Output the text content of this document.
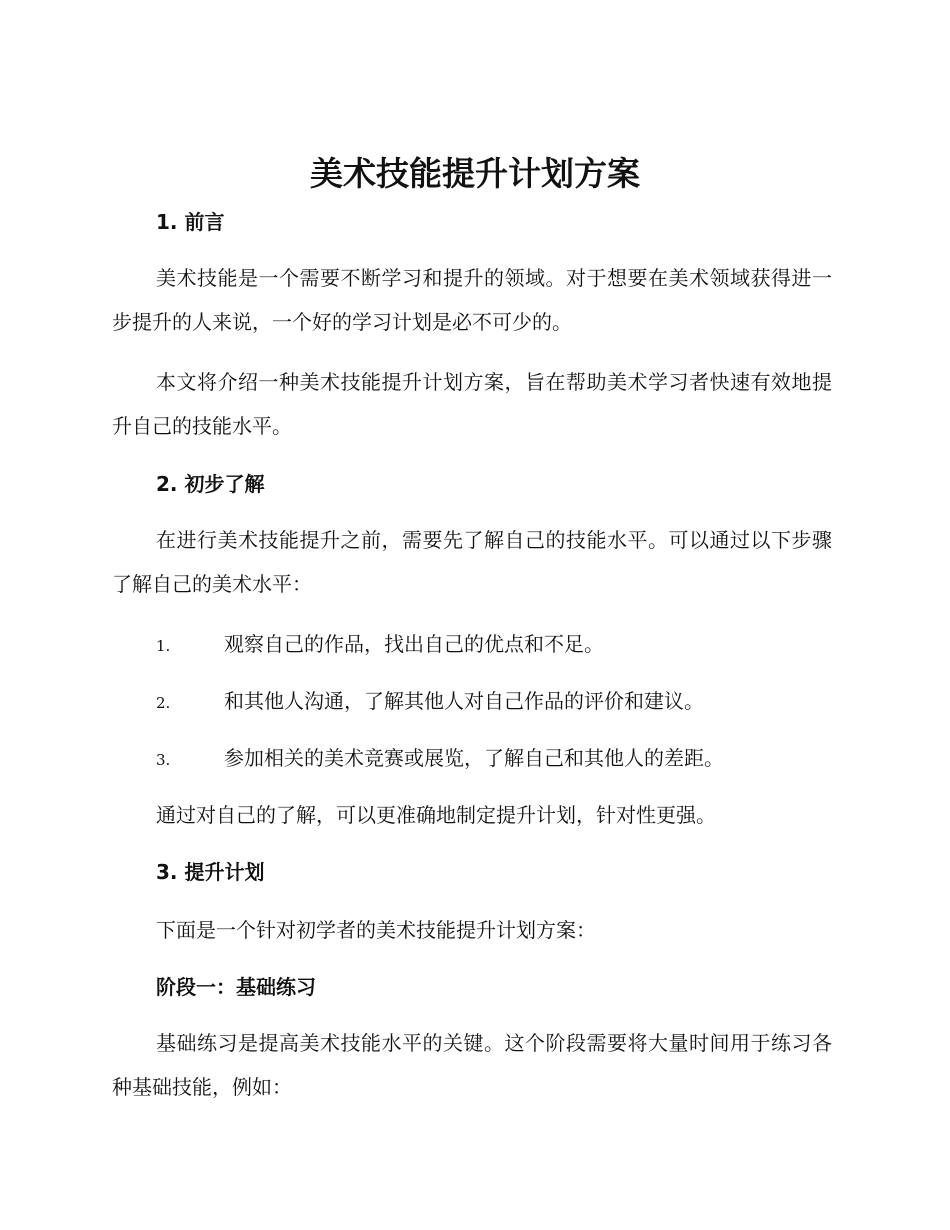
美术技能提升计划方案
1. 前言
美术技能是一个需要不断学习和提升的领域。对于想要在美术领域获得进一步提升的人来说，一个好的学习计划是必不可少的。
本文将介绍一种美术技能提升计划方案，旨在帮助美术学习者快速有效地提升自己的技能水平。
2. 初步了解
在进行美术技能提升之前，需要先了解自己的技能水平。可以通过以下步骤了解自己的美术水平：
1.	观察自己的作品，找出自己的优点和不足。
2.	和其他人沟通，了解其他人对自己作品的评价和建议。
3.	参加相关的美术竞赛或展览，了解自己和其他人的差距。
通过对自己的了解，可以更准确地制定提升计划，针对性更强。
3. 提升计划
下面是一个针对初学者的美术技能提升计划方案：
阶段一：基础练习
基础练习是提高美术技能水平的关键。这个阶段需要将大量时间用于练习各种基础技能，例如：
